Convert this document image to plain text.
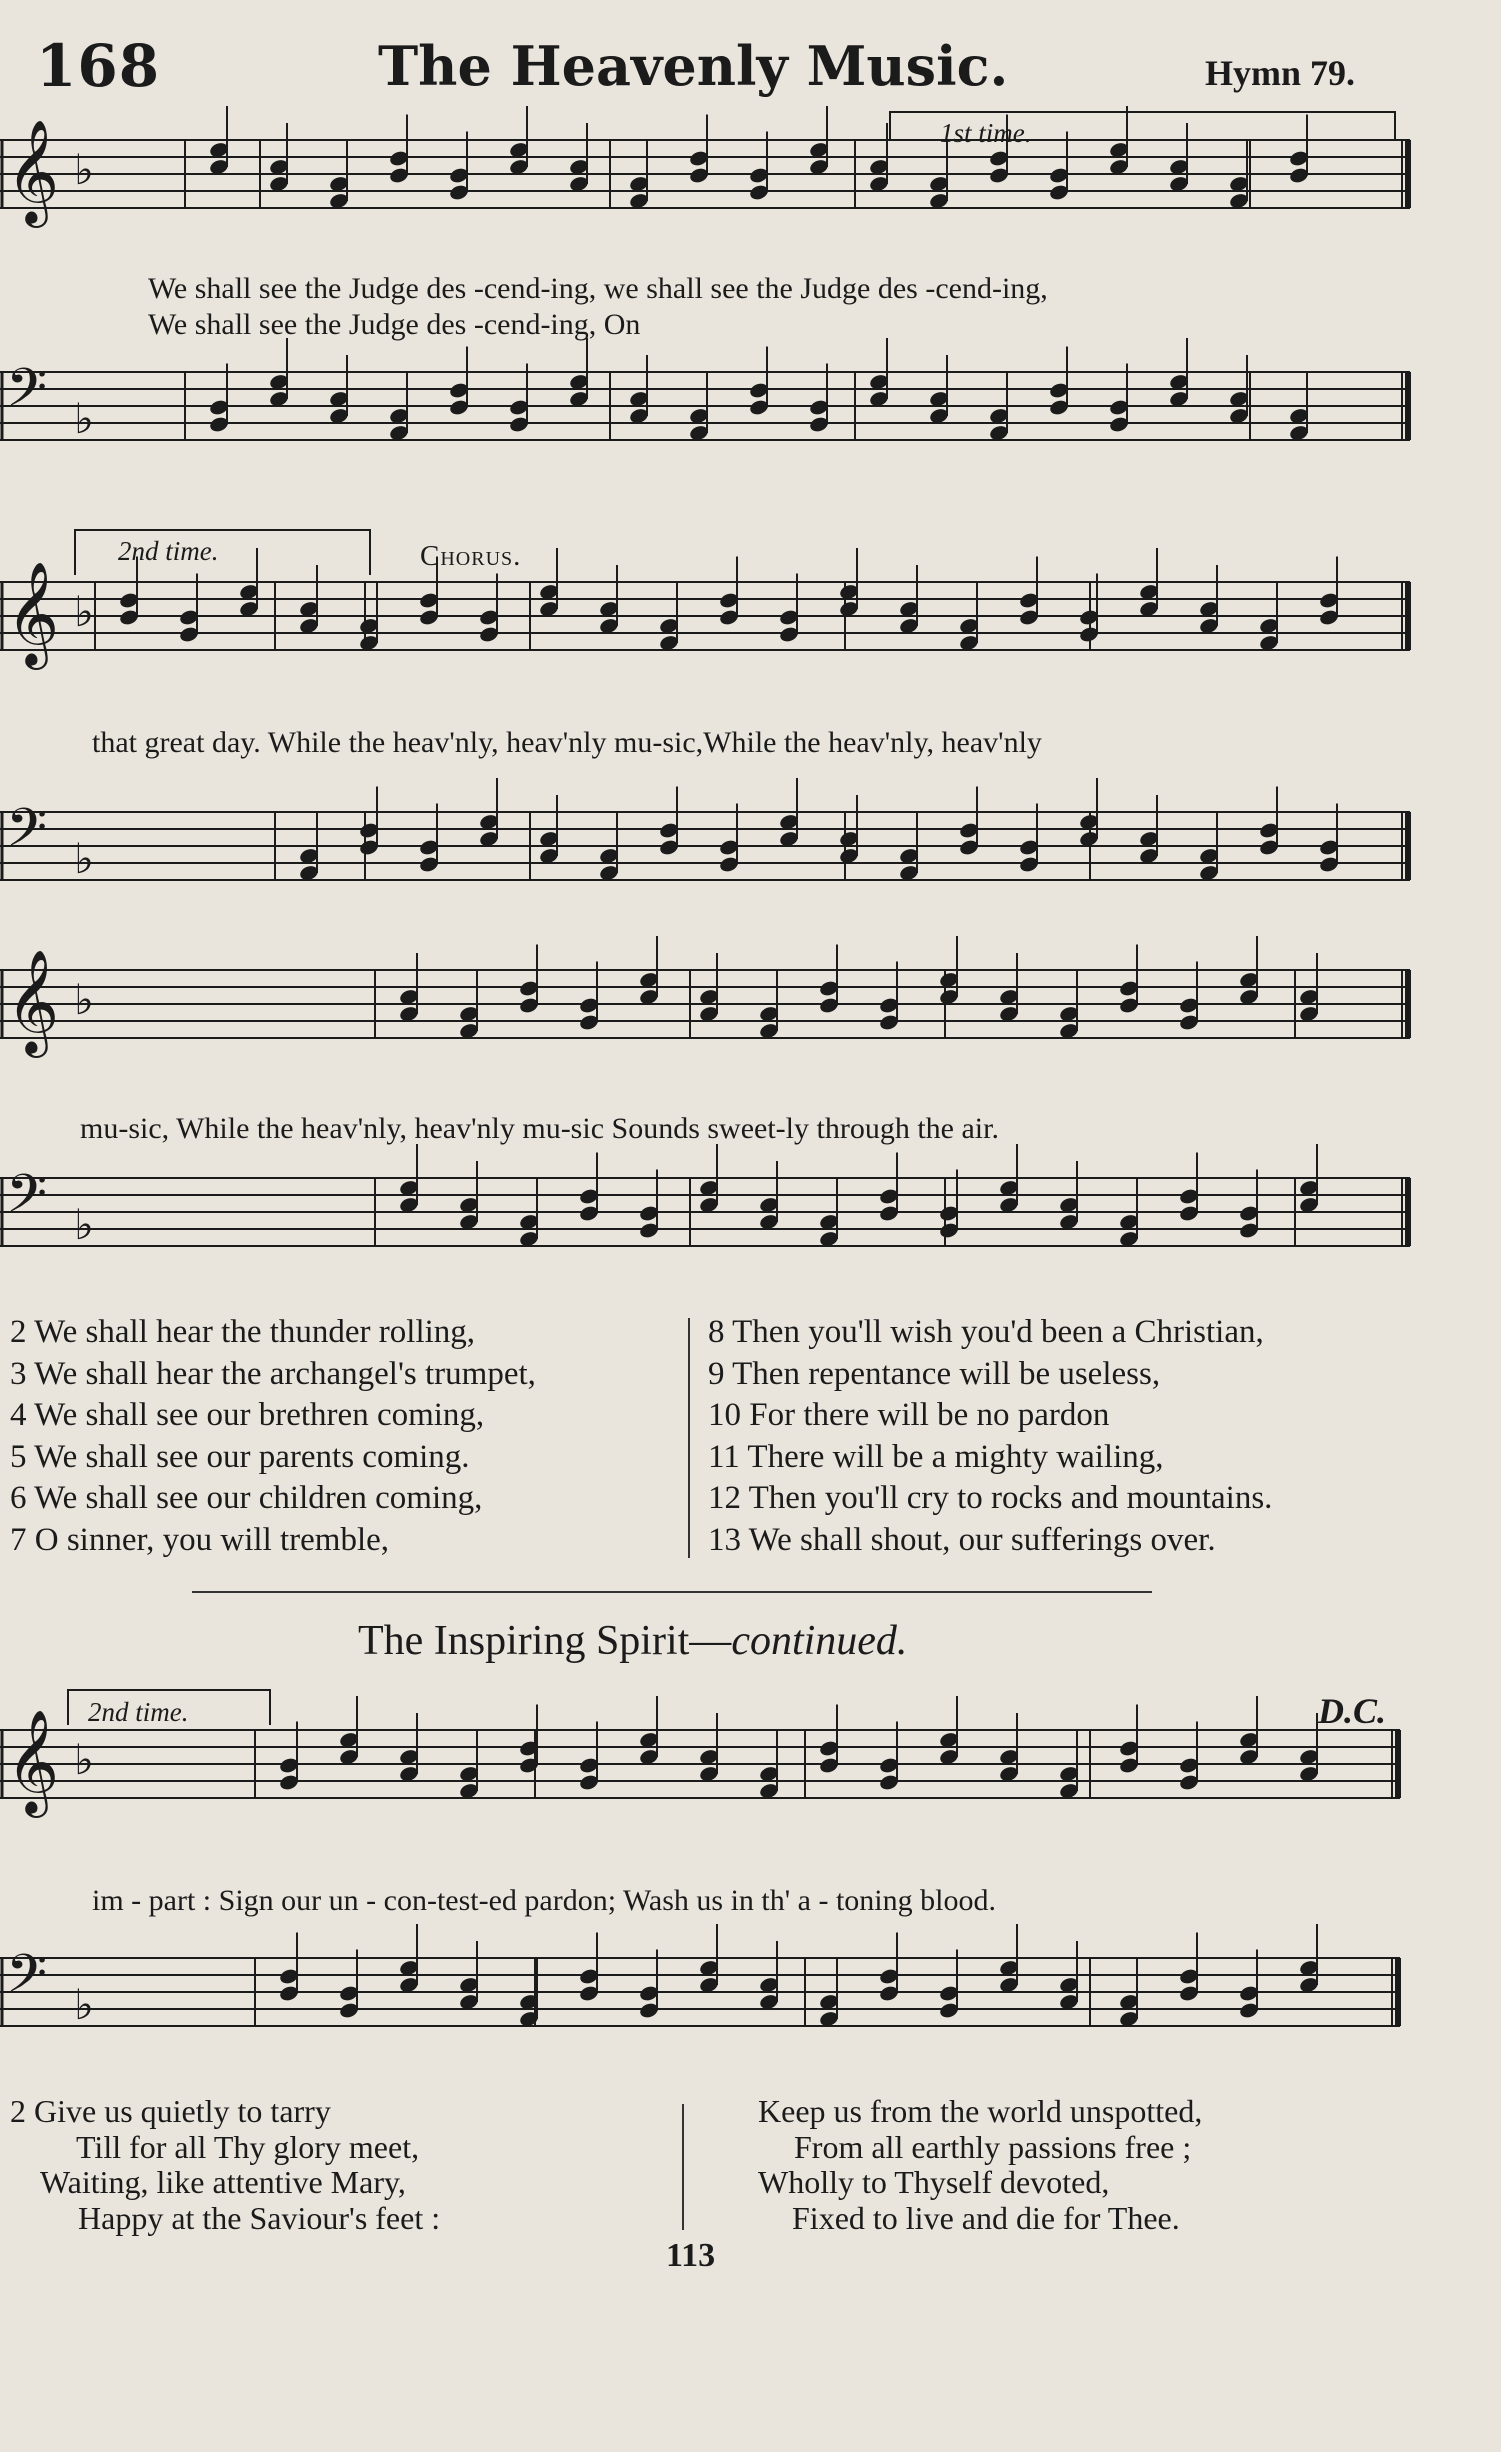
168	The Heavenly Music.	Hymn 79.
𝄞 ♭
𝄢 ♭
𝄞 ♭
𝄢 ♭
𝄞 ♭
𝄢 ♭
𝄞 ♭
𝄢 ♭
1st time.
2nd time.	Chorus.
We shall see the Judge des -cend-ing, we shall see the Judge des -cend-ing,
We shall see the Judge des -cend-ing, On
that great day. While the heav'nly, heav'nly mu-sic,While the heav'nly, heav'nly
mu-sic, While the heav'nly, heav'nly mu-sic Sounds sweet-ly through the air.
2 We shall hear the thunder rolling,
3 We shall hear the archangel's trumpet,
4 We shall see our brethren coming,
5 We shall see our parents coming.
6 We shall see our children coming,
7 O sinner, you will tremble,
8 Then you'll wish you'd been a Christian,
9 Then repentance will be useless,
10 For there will be no pardon
11 There will be a mighty wailing,
12 Then you'll cry to rocks and mountains.
13 We shall shout, our sufferings over.
The Inspiring Spirit—continued.
2nd time.	D.C.
im - part : Sign our un - con-test-ed pardon; Wash us in th' a - toning blood.
2 Give us quietly to tarry
Till for all Thy glory meet,
Waiting, like attentive Mary,
Happy at the Saviour's feet :
Keep us from the world unspotted,
From all earthly passions free ;
Wholly to Thyself devoted,
Fixed to live and die for Thee.
113
